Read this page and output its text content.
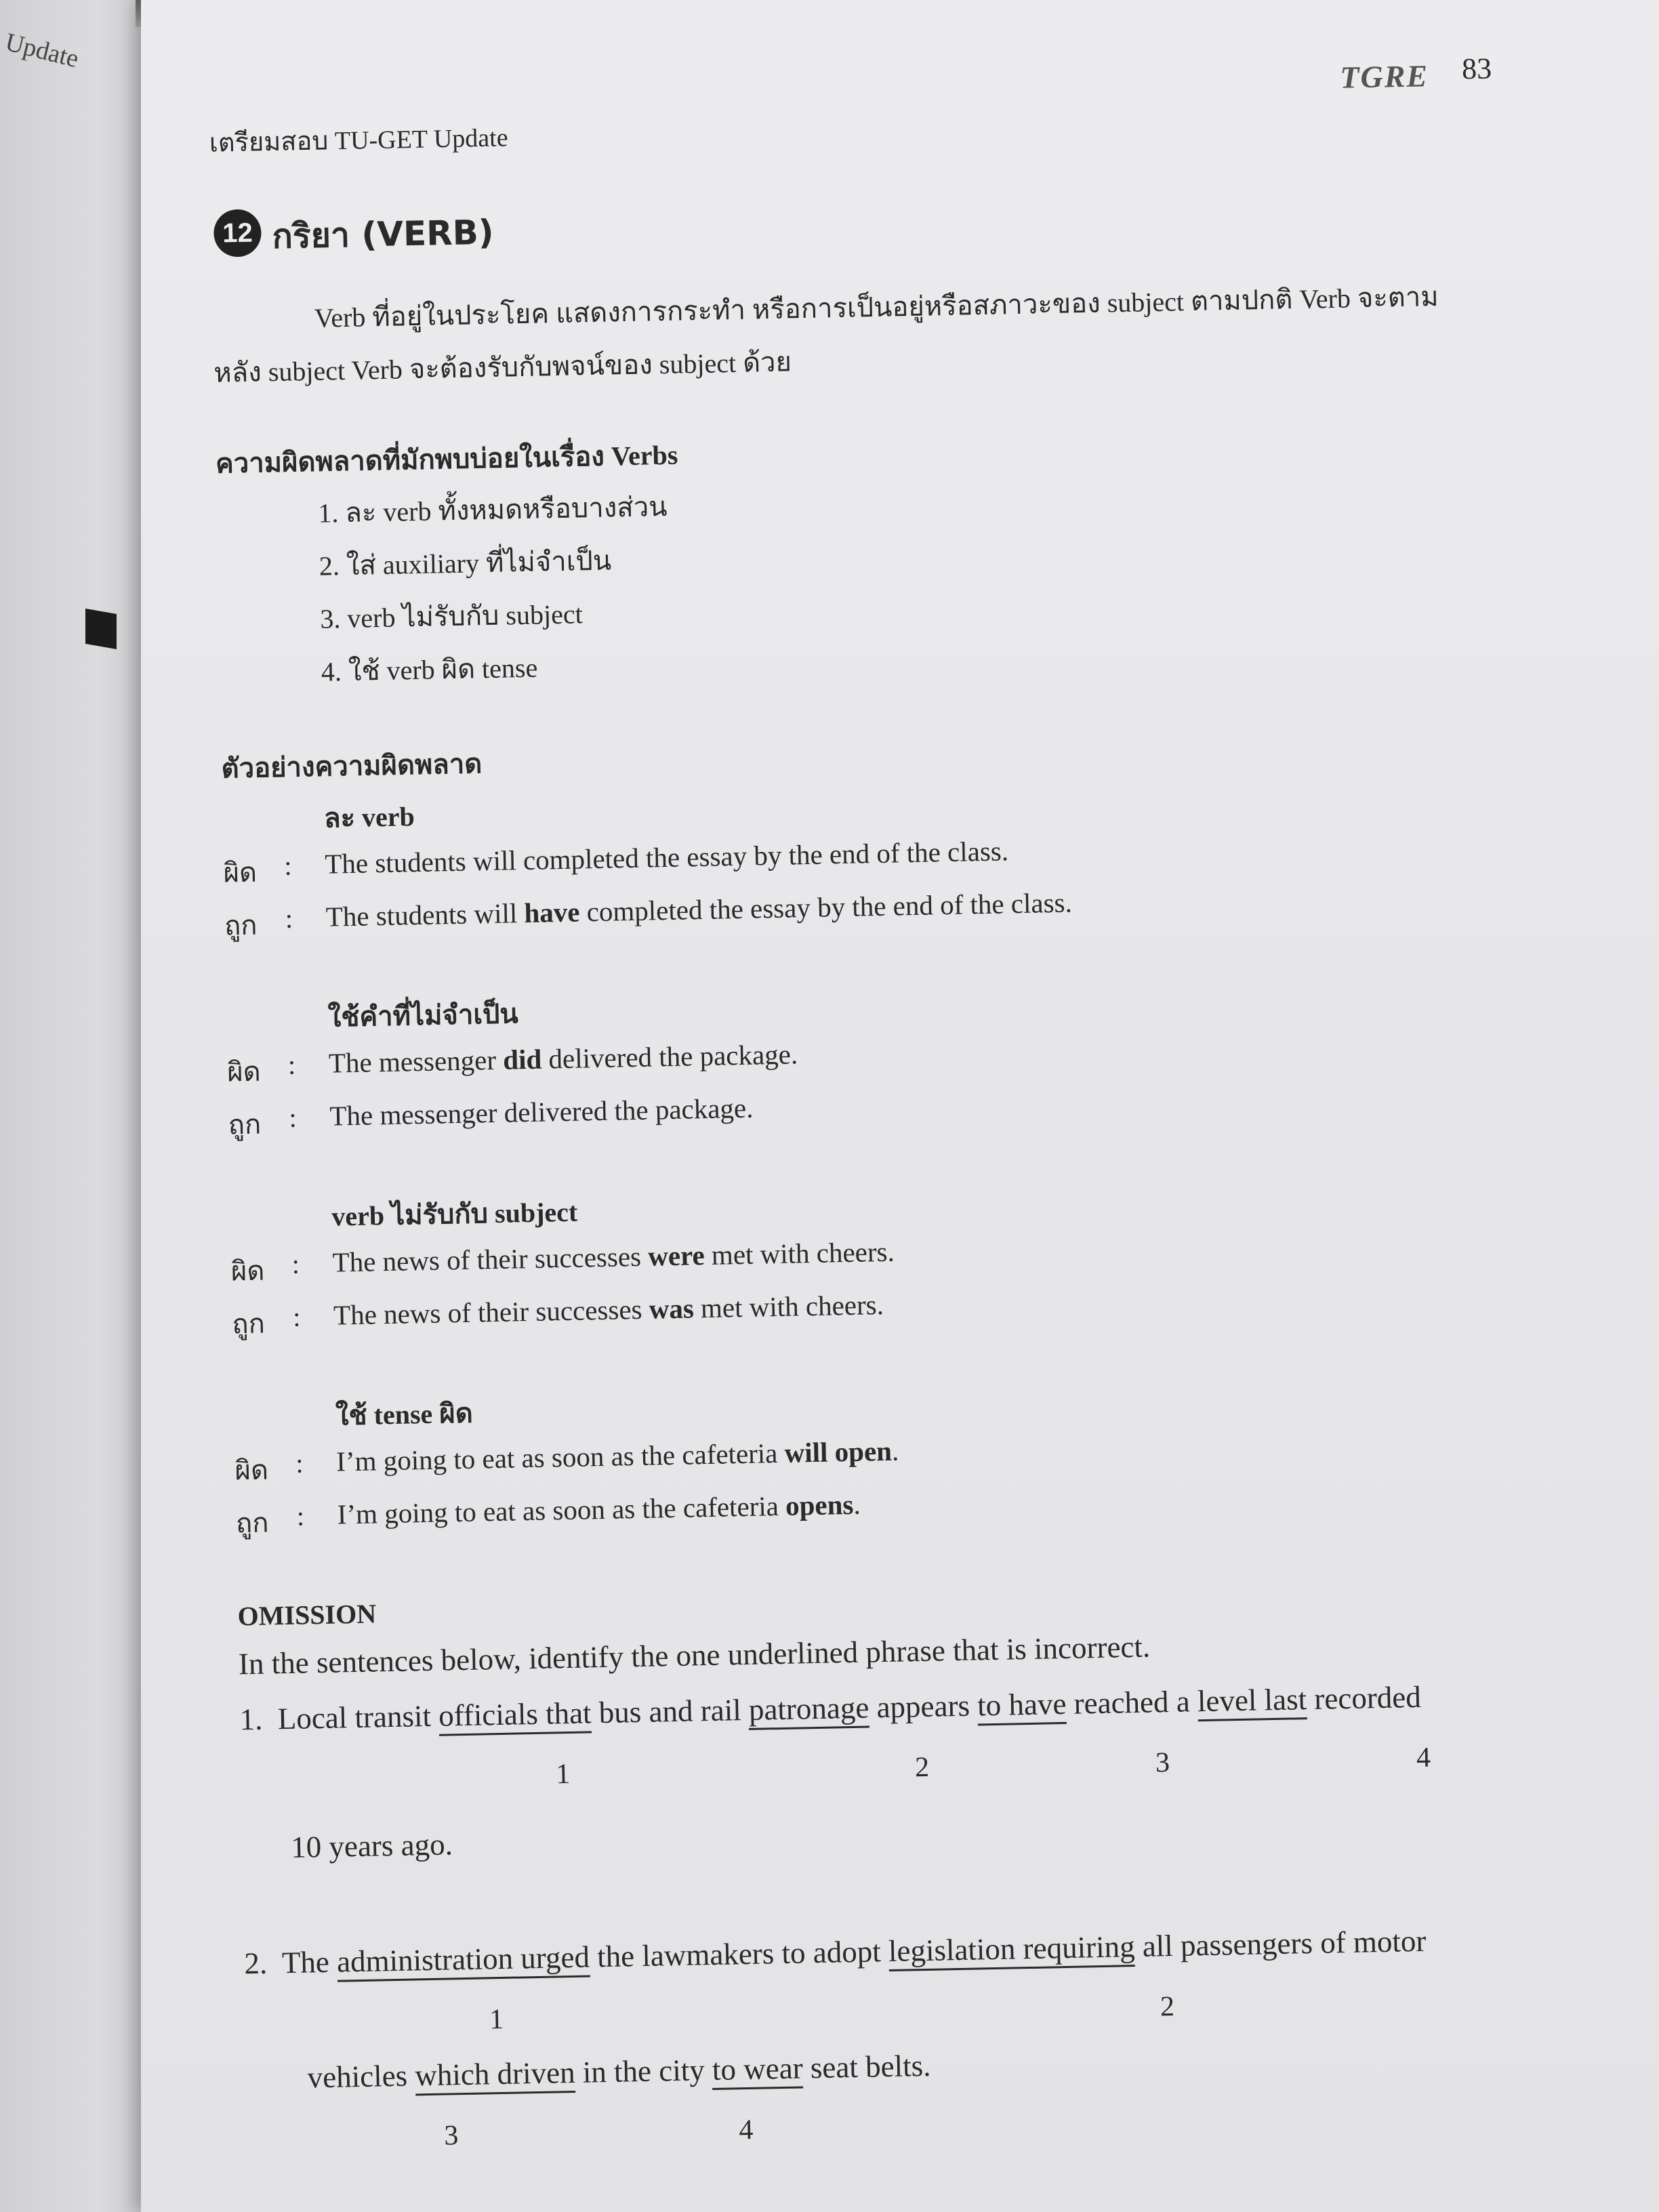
Update
เตรียมสอบ TU-GET Update
TGRE 83
12 กริยา (VERB)
Verb ที่อยู่ในประโยค แสดงการกระทำ หรือการเป็นอยู่หรือสภาวะของ subject ตามปกติ Verb จะตาม
หลัง subject Verb จะต้องรับกับพจน์ของ subject ด้วย
ความผิดพลาดที่มักพบบ่อยในเรื่อง Verbs
1. ละ verb ทั้งหมดหรือบางส่วน
2. ใส่ auxiliary ที่ไม่จำเป็น
3. verb ไม่รับกับ subject
4. ใช้ verb ผิด tense
ตัวอย่างความผิดพลาด
ละ verb
ผิด : The students will completed the essay by the end of the class.
ถูก : The students will have completed the essay by the end of the class.
ใช้คำที่ไม่จำเป็น
ผิด : The messenger did delivered the package.
ถูก : The messenger delivered the package.
verb ไม่รับกับ subject
ผิด : The news of their successes were met with cheers.
ถูก : The news of their successes was met with cheers.
ใช้ tense ผิด
ผิด : I’m going to eat as soon as the cafeteria will open.
ถูก : I’m going to eat as soon as the cafeteria opens.
OMISSION
In the sentences below, identify the one underlined phrase that is incorrect.
1. Local transit officials that bus and rail patronage appears to have reached a level last recorded
1	2	3	4
10 years ago.
2. The administration urged the lawmakers to adopt legislation requiring all passengers of motor
1	2
vehicles which driven in the city to wear seat belts.
3	4
